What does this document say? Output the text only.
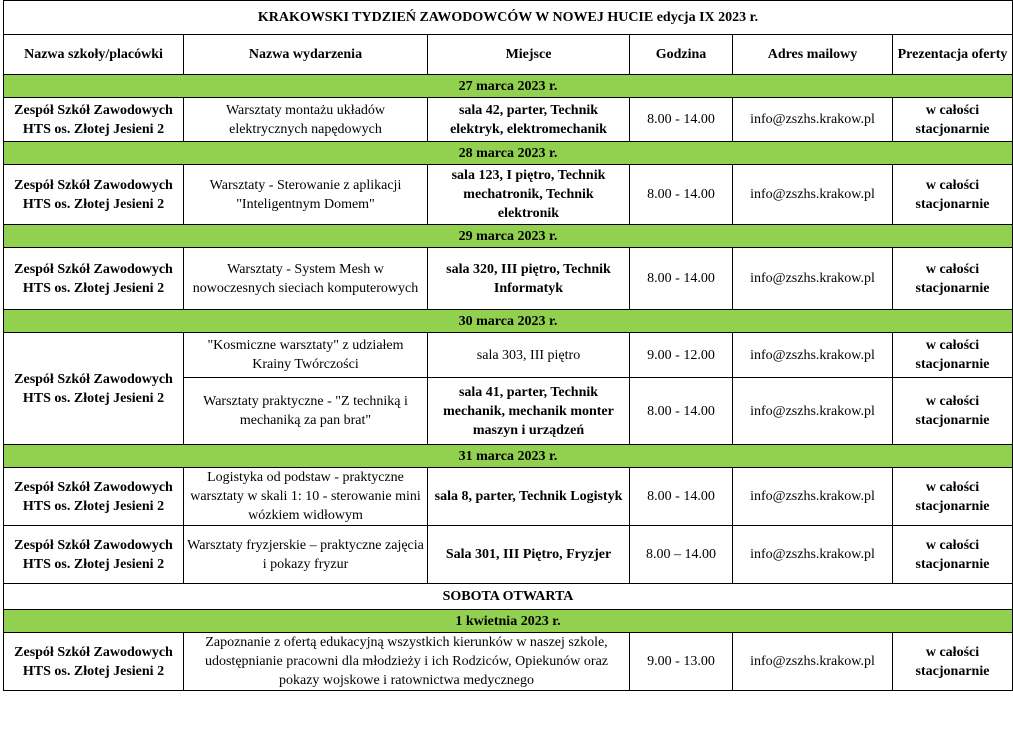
KRAKOWSKI TYDZIEŃ ZAWODOWCÓW W NOWEJ HUCIE edycja IX 2023 r.					
Nazwa szkoły/placówki	Nazwa wydarzenia	Miejsce	Godzina	Adres mailowy	Prezentacja oferty
27 marca 2023 r.					
Zespół Szkół Zawodowych HTS os. Złotej Jesieni 2	Warsztaty montażu układów elektrycznych napędowych	sala 42, parter, Technik elektryk, elektromechanik	8.00 - 14.00	info@zszhs.krakow.pl	w całości stacjonarnie
28 marca 2023 r.					
Zespół Szkół Zawodowych HTS os. Złotej Jesieni 2	Warsztaty - Sterowanie z aplikacji "Inteligentnym Domem"	sala 123, I piętro, Technik mechatronik, Technik elektronik	8.00 - 14.00	info@zszhs.krakow.pl	w całości stacjonarnie
29 marca 2023 r.					
Zespół Szkół Zawodowych HTS os. Złotej Jesieni 2	Warsztaty - System Mesh w nowoczesnych sieciach komputerowych	sala 320, III piętro, Technik Informatyk	8.00 - 14.00	info@zszhs.krakow.pl	w całości stacjonarnie
30 marca 2023 r.					
Zespół Szkół Zawodowych HTS os. Złotej Jesieni 2	"Kosmiczne warsztaty" z udziałem Krainy Twórczości	sala 303, III piętro	9.00 - 12.00	info@zszhs.krakow.pl	w całości stacjonarnie
	Warsztaty praktyczne - "Z techniką i mechaniką za pan brat"	sala 41, parter, Technik mechanik, mechanik monter maszyn i urządzeń	8.00 - 14.00	info@zszhs.krakow.pl	w całości stacjonarnie
31 marca 2023 r.					
Zespół Szkół Zawodowych HTS os. Złotej Jesieni 2	Logistyka od podstaw - praktyczne warsztaty w skali 1: 10 - sterowanie mini wózkiem widłowym	sala 8, parter, Technik Logistyk	8.00 - 14.00	info@zszhs.krakow.pl	w całości stacjonarnie
Zespół Szkół Zawodowych HTS os. Złotej Jesieni 2	Warsztaty fryzjerskie – praktyczne zajęcia i pokazy fryzur	Sala 301, III Piętro, Fryzjer	8.00 – 14.00	info@zszhs.krakow.pl	w całości stacjonarnie
SOBOTA OTWARTA					
1 kwietnia 2023 r.					
Zespół Szkół Zawodowych HTS os. Złotej Jesieni 2	Zapoznanie z ofertą edukacyjną wszystkich kierunków w naszej szkole, udostępnianie pracowni dla młodzieży i ich Rodziców, Opiekunów oraz pokazy wojskowe i ratownictwa medycznego		9.00 - 13.00	info@zszhs.krakow.pl	w całości stacjonarnie
